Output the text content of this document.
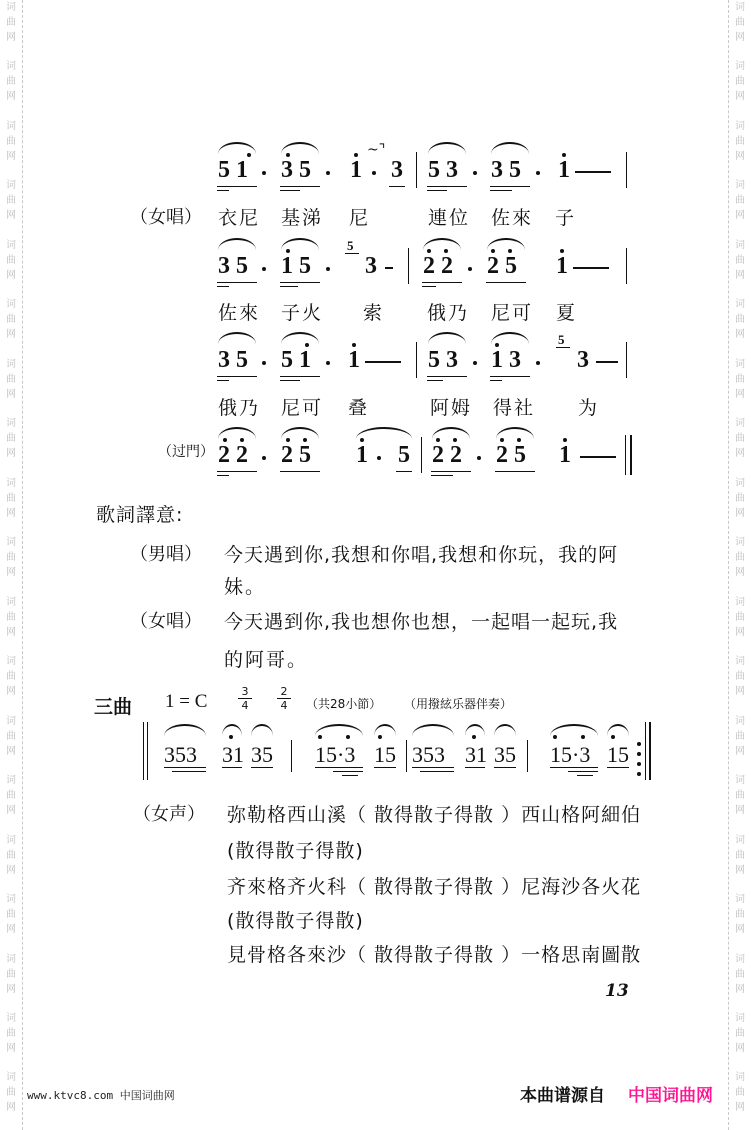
词
曲
网
词
曲
网
词
曲
网
词
曲
网
词
曲
网
词
曲
网
词
曲
网
词
曲
网
词
曲
网
词
曲
网
词
曲
网
词
曲
网
词
曲
网
词
曲
网
词
曲
网
词
曲
网
词
曲
网
词
曲
网
词
曲
网
词
曲
网
词
曲
网
词
曲
网
词
曲
网
词
曲
网
词
曲
网
词
曲
网
词
曲
网
词
曲
网
词
曲
网
词
曲
网
词
曲
网
词
曲
网
词
曲
网
词
曲
网
词
曲
网
词
曲
网
词
曲
网
词
曲
网
5 1 3 5 1
~⌝
3 5 3 3 5 1
（女唱） 衣尼 基涕 尼	連位 佐來 子
3 5 1 5
5
3 2 2 2 5 1
佐來 子火 索 俄乃 尼可 夏
3 5 5 1 1	5 3 1 3
5
3
俄乃 尼可 叠	阿姆 得社 为
（过門） 2 2 2 5 1 5 2 2 2 5 1
歌詞譯意:
（男唱） 今天遇到你,我想和你唱,我想和你玩，我的阿
妹。
（女唱） 今天遇到你,我也想你也想，一起唱一起玩,我
的阿哥。
三曲 1 = C	3
4
2
4 （共28小節） （用撥絃乐器伴奏）
353 31 35 15·3 15 353 31 35 15·3 15
（女声） 弥勒格西山溪（ 散得散子得散 ）西山格阿細伯
(散得散子得散)
齐來格齐火科（ 散得散子得散 ）尼海沙各火花
(散得散子得散)
見骨格各來沙（ 散得散子得散 ）一格思南圖散
13
www.ktvc8.com 中国词曲网	本曲谱源自 中国词曲网
